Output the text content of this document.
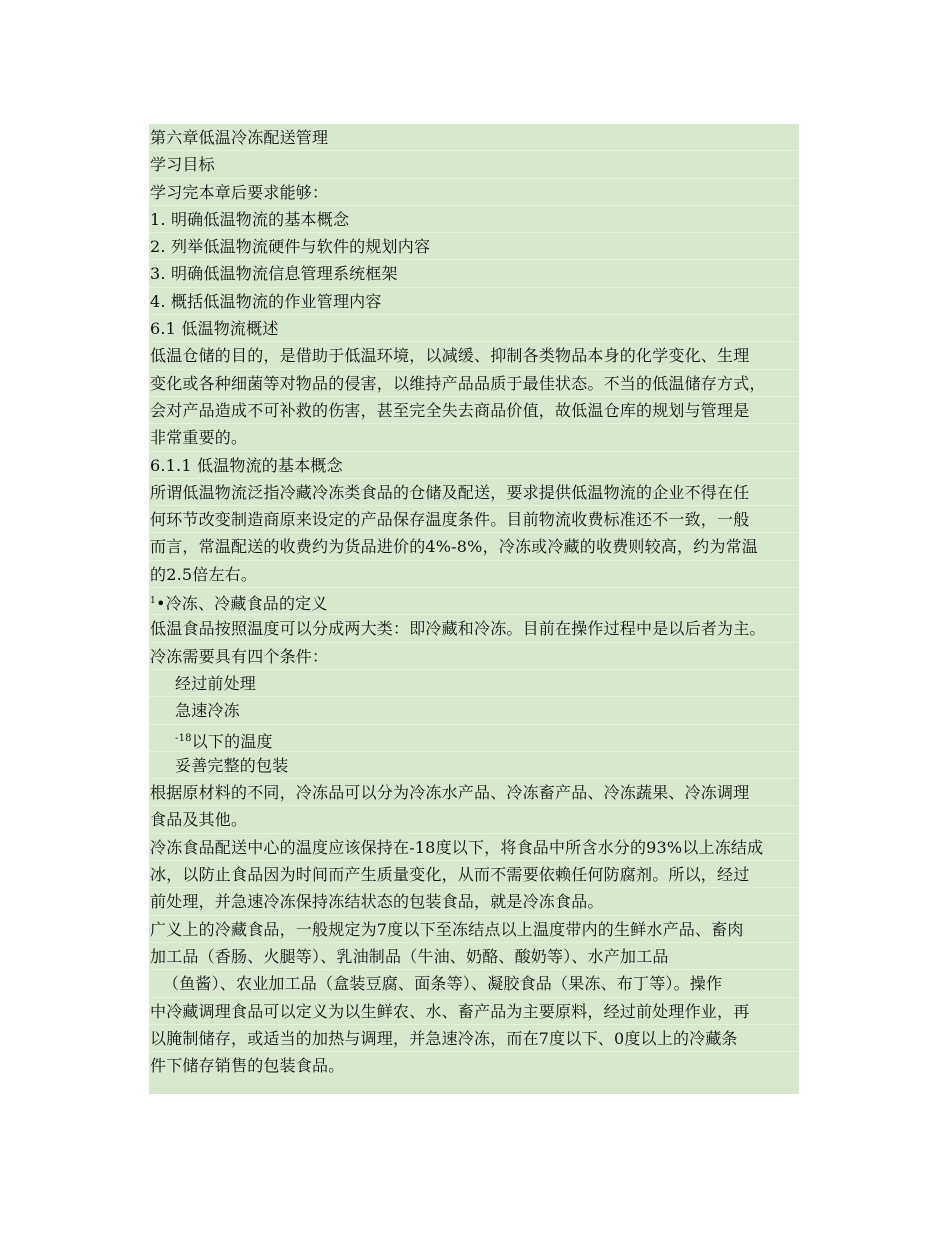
第六章低温冷冻配送管理
学习目标
学习完本章后要求能够：
1. 明确低温物流的基本概念
2. 列举低温物流硬件与软件的规划内容
3. 明确低温物流信息管理系统框架
4. 概括低温物流的作业管理内容
6.1 低温物流概述
低温仓储的目的，是借助于低温环境，以减缓、抑制各类物品本身的化学变化、生理
变化或各种细菌等对物品的侵害，以维持产品品质于最佳状态。不当的低温储存方式，
会对产品造成不可补救的伤害，甚至完全失去商品价值，故低温仓库的规划与管理是
非常重要的。
6.1.1 低温物流的基本概念
所谓低温物流泛指冷藏冷冻类食品的仓储及配送，要求提供低温物流的企业不得在任
何环节改变制造商原来设定的产品保存温度条件。目前物流收费标准还不一致，一般
而言，常温配送的收费约为货品进价的4%-8%，冷冻或冷藏的收费则较高，约为常温
的2.5倍左右。
$^1$•冷冻、冷藏食品的定义
低温食品按照温度可以分成两大类：即冷藏和冷冻。目前在操作过程中是以后者为主。
冷冻需要具有四个条件：
经过前处理
急速冷冻
$^{-18}$以下的温度
妥善完整的包装
根据原材料的不同，冷冻品可以分为冷冻水产品、冷冻畜产品、冷冻蔬果、冷冻调理
食品及其他。
冷冻食品配送中心的温度应该保持在-18度以下，将食品中所含水分的93%以上冻结成
冰，以防止食品因为时间而产生质量变化，从而不需要依赖任何防腐剂。所以，经过
前处理，并急速冷冻保持冻结状态的包装食品，就是冷冻食品。
广义上的冷藏食品，一般规定为7度以下至冻结点以上温度带内的生鲜水产品、畜肉
加工品（香肠、火腿等）、乳油制品（牛油、奶酪、酸奶等）、水产加工品
（鱼酱）、农业加工品（盒装豆腐、面条等）、凝胶食品（果冻、布丁等）。操作
中冷藏调理食品可以定义为以生鲜农、水、畜产品为主要原料，经过前处理作业，再
以腌制储存，或适当的加热与调理，并急速冷冻，而在7度以下、0度以上的冷藏条
件下储存销售的包装食品。
